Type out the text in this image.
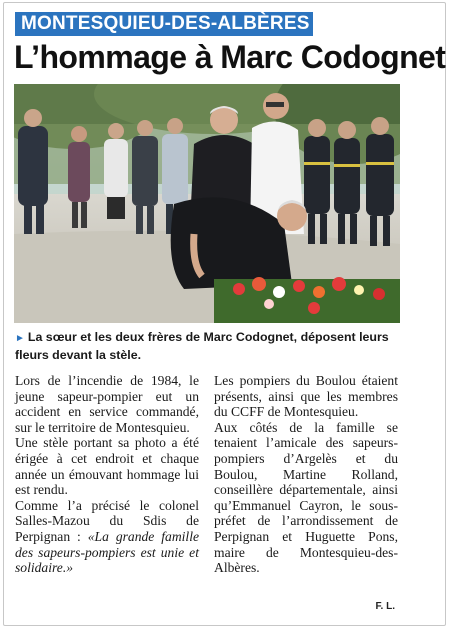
MONTESQUIEU-DES-ALBÈRES
L’hommage à Marc Codognet
► La sœur et les deux frères de Marc Codognet, déposent leurs fleurs devant la stèle.

Lors de l’incendie de 1984, le jeune sapeur-pompier eut un accident en service commandé, sur le territoire de Montesquieu.

Une stèle portant sa photo a été érigée à cet endroit et chaque année un émouvant hommage lui est rendu.

Comme l’a précisé le colonel Salles-Mazou du Sdis de Perpignan : «La grande famille des sapeurs-pompiers est unie et solidaire.»

Les pompiers du Boulou étaient présents, ainsi que les membres du CCFF de Montesquieu.

Aux côtés de la famille se tenaient l’amicale des sapeurs-pompiers d’Argelès et du Boulou, Martine Rolland, conseillère départementale, ainsi qu’Emmanuel Cayron, le sous-préfet de l’arrondissement de Perpignan et Huguette Pons, maire de Montesquieu-des-Albères.

F. L.
